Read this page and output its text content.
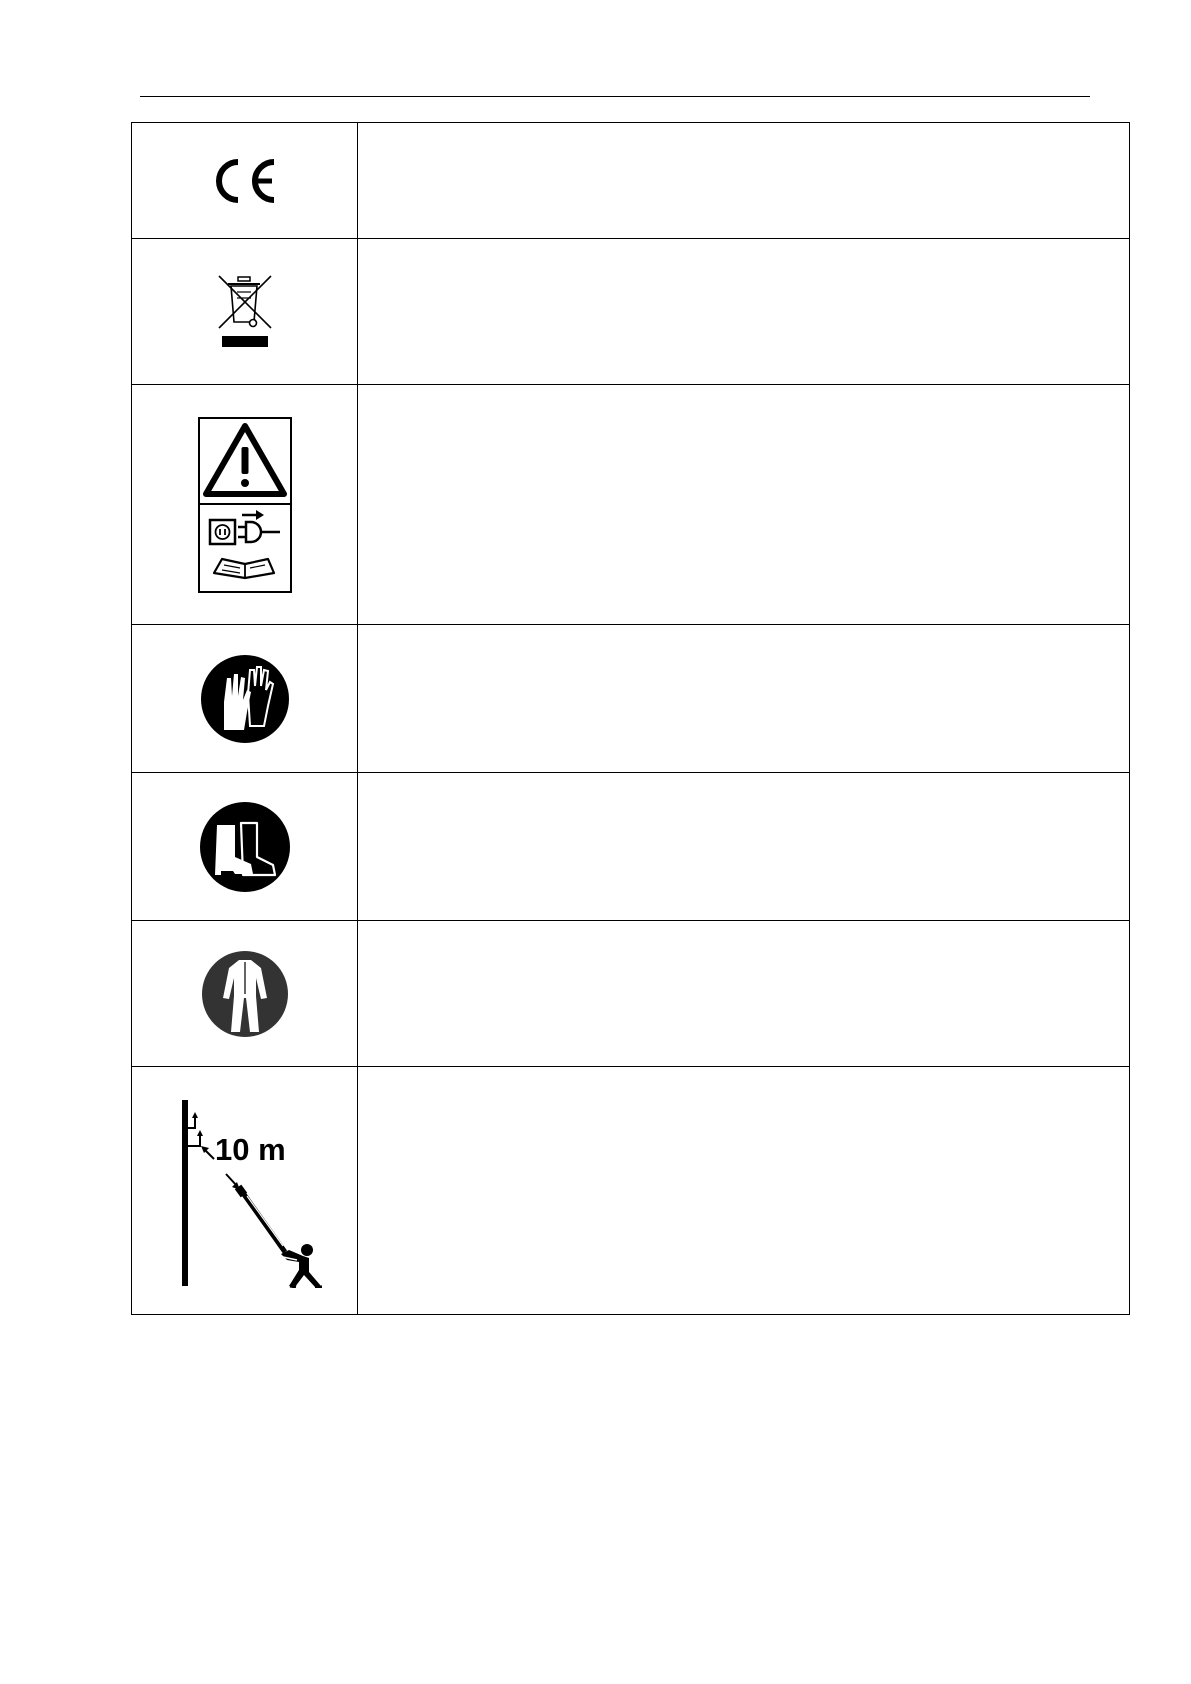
10 m	
